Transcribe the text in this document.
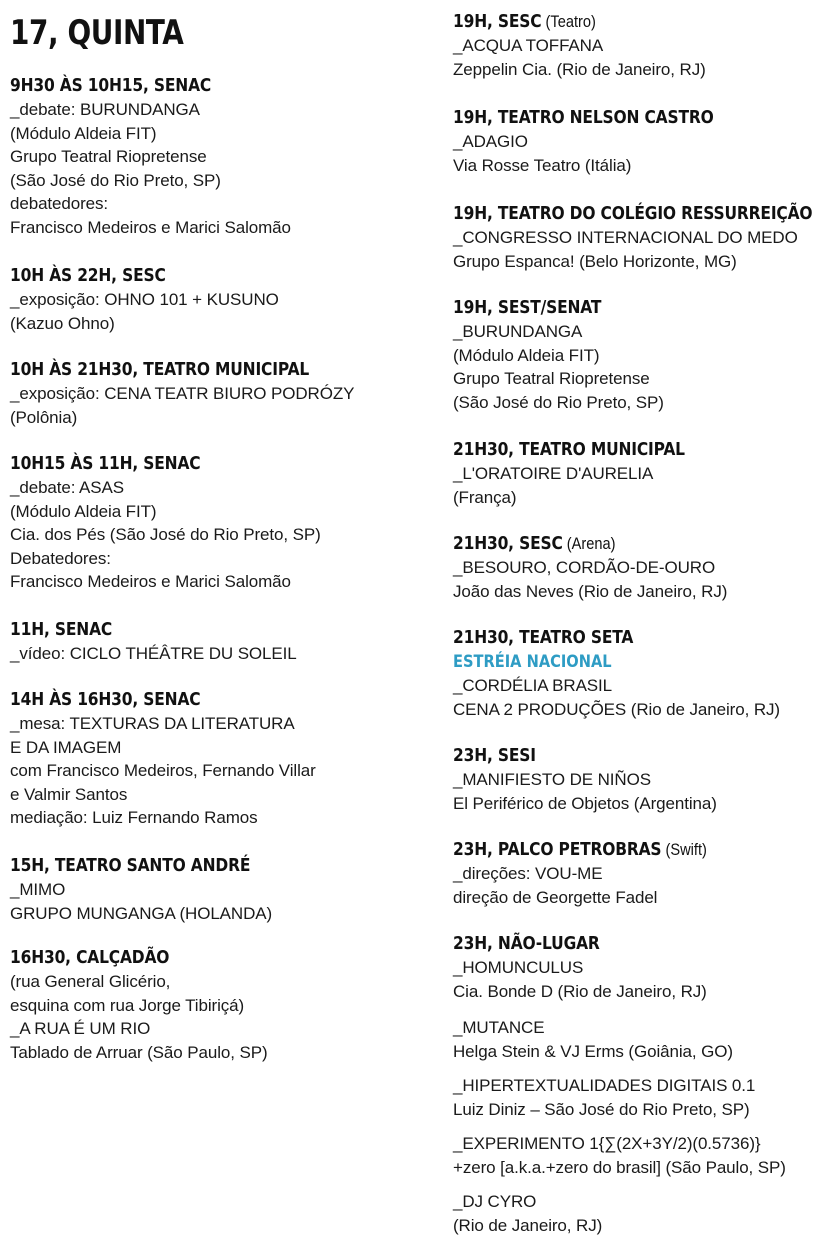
17, QUINTA
9H30 ÀS 10H15, SENAC
_debate: BURUNDANGA
(Módulo Aldeia FIT)
Grupo Teatral Riopretense
(São José do Rio Preto, SP)
debatedores:
Francisco Medeiros e Marici Salomão
10H ÀS 22H, SESC
_exposição: OHNO 101 + KUSUNO
(Kazuo Ohno)
10H ÀS 21H30, TEATRO MUNICIPAL
_exposição: CENA TEATR BIURO PODRÓZY
(Polônia)
10H15 ÀS 11H, SENAC
_debate: ASAS
(Módulo Aldeia FIT)
Cia. dos Pés (São José do Rio Preto, SP)
Debatedores:
Francisco Medeiros e Marici Salomão
11H, SENAC
_vídeo: CICLO THÉÂTRE DU SOLEIL
14H ÀS 16H30, SENAC
_mesa: TEXTURAS DA LITERATURA
E DA IMAGEM
com Francisco Medeiros, Fernando Villar
e Valmir Santos
mediação: Luiz Fernando Ramos
15H, TEATRO SANTO ANDRÉ
_MIMO
GRUPO MUNGANGA (HOLANDA)
16H30, CALÇADÃO
(rua General Glicério,
esquina com rua Jorge Tibiriçá)
_A RUA É UM RIO
Tablado de Arruar (São Paulo, SP)
19H, SESC (Teatro)
_ACQUA TOFFANA
Zeppelin Cia. (Rio de Janeiro, RJ)
19H, TEATRO NELSON CASTRO
_ADAGIO
Via Rosse Teatro (Itália)
19H, TEATRO DO COLÉGIO RESSURREIÇÃO
_CONGRESSO INTERNACIONAL DO MEDO
Grupo Espanca! (Belo Horizonte, MG)
19H, SEST/SENAT
_BURUNDANGA
(Módulo Aldeia FIT)
Grupo Teatral Riopretense
(São José do Rio Preto, SP)
21H30, TEATRO MUNICIPAL
_L'ORATOIRE D'AURELIA
(França)
21H30, SESC (Arena)
_BESOURO, CORDÃO-DE-OURO
João das Neves (Rio de Janeiro, RJ)
21H30, TEATRO SETA
ESTRÉIA NACIONAL
_CORDÉLIA BRASIL
CENA 2 PRODUÇÕES (Rio de Janeiro, RJ)
23H, SESI
_MANIFIESTO DE NIÑOS
El Periférico de Objetos (Argentina)
23H, PALCO PETROBRAS (Swift)
_direções: VOU-ME
direção de Georgette Fadel
23H, NÃO-LUGAR
_HOMUNCULUS
Cia. Bonde D (Rio de Janeiro, RJ)
_MUTANCE
Helga Stein & VJ Erms (Goiânia, GO)
_HIPERTEXTUALIDADES DIGITAIS 0.1
Luiz Diniz – São José do Rio Preto, SP)
_EXPERIMENTO 1{∑(2X+3Y/2)(0.5736)}
+zero [a.k.a.+zero do brasil] (São Paulo, SP)
_DJ CYRO
(Rio de Janeiro, RJ)
